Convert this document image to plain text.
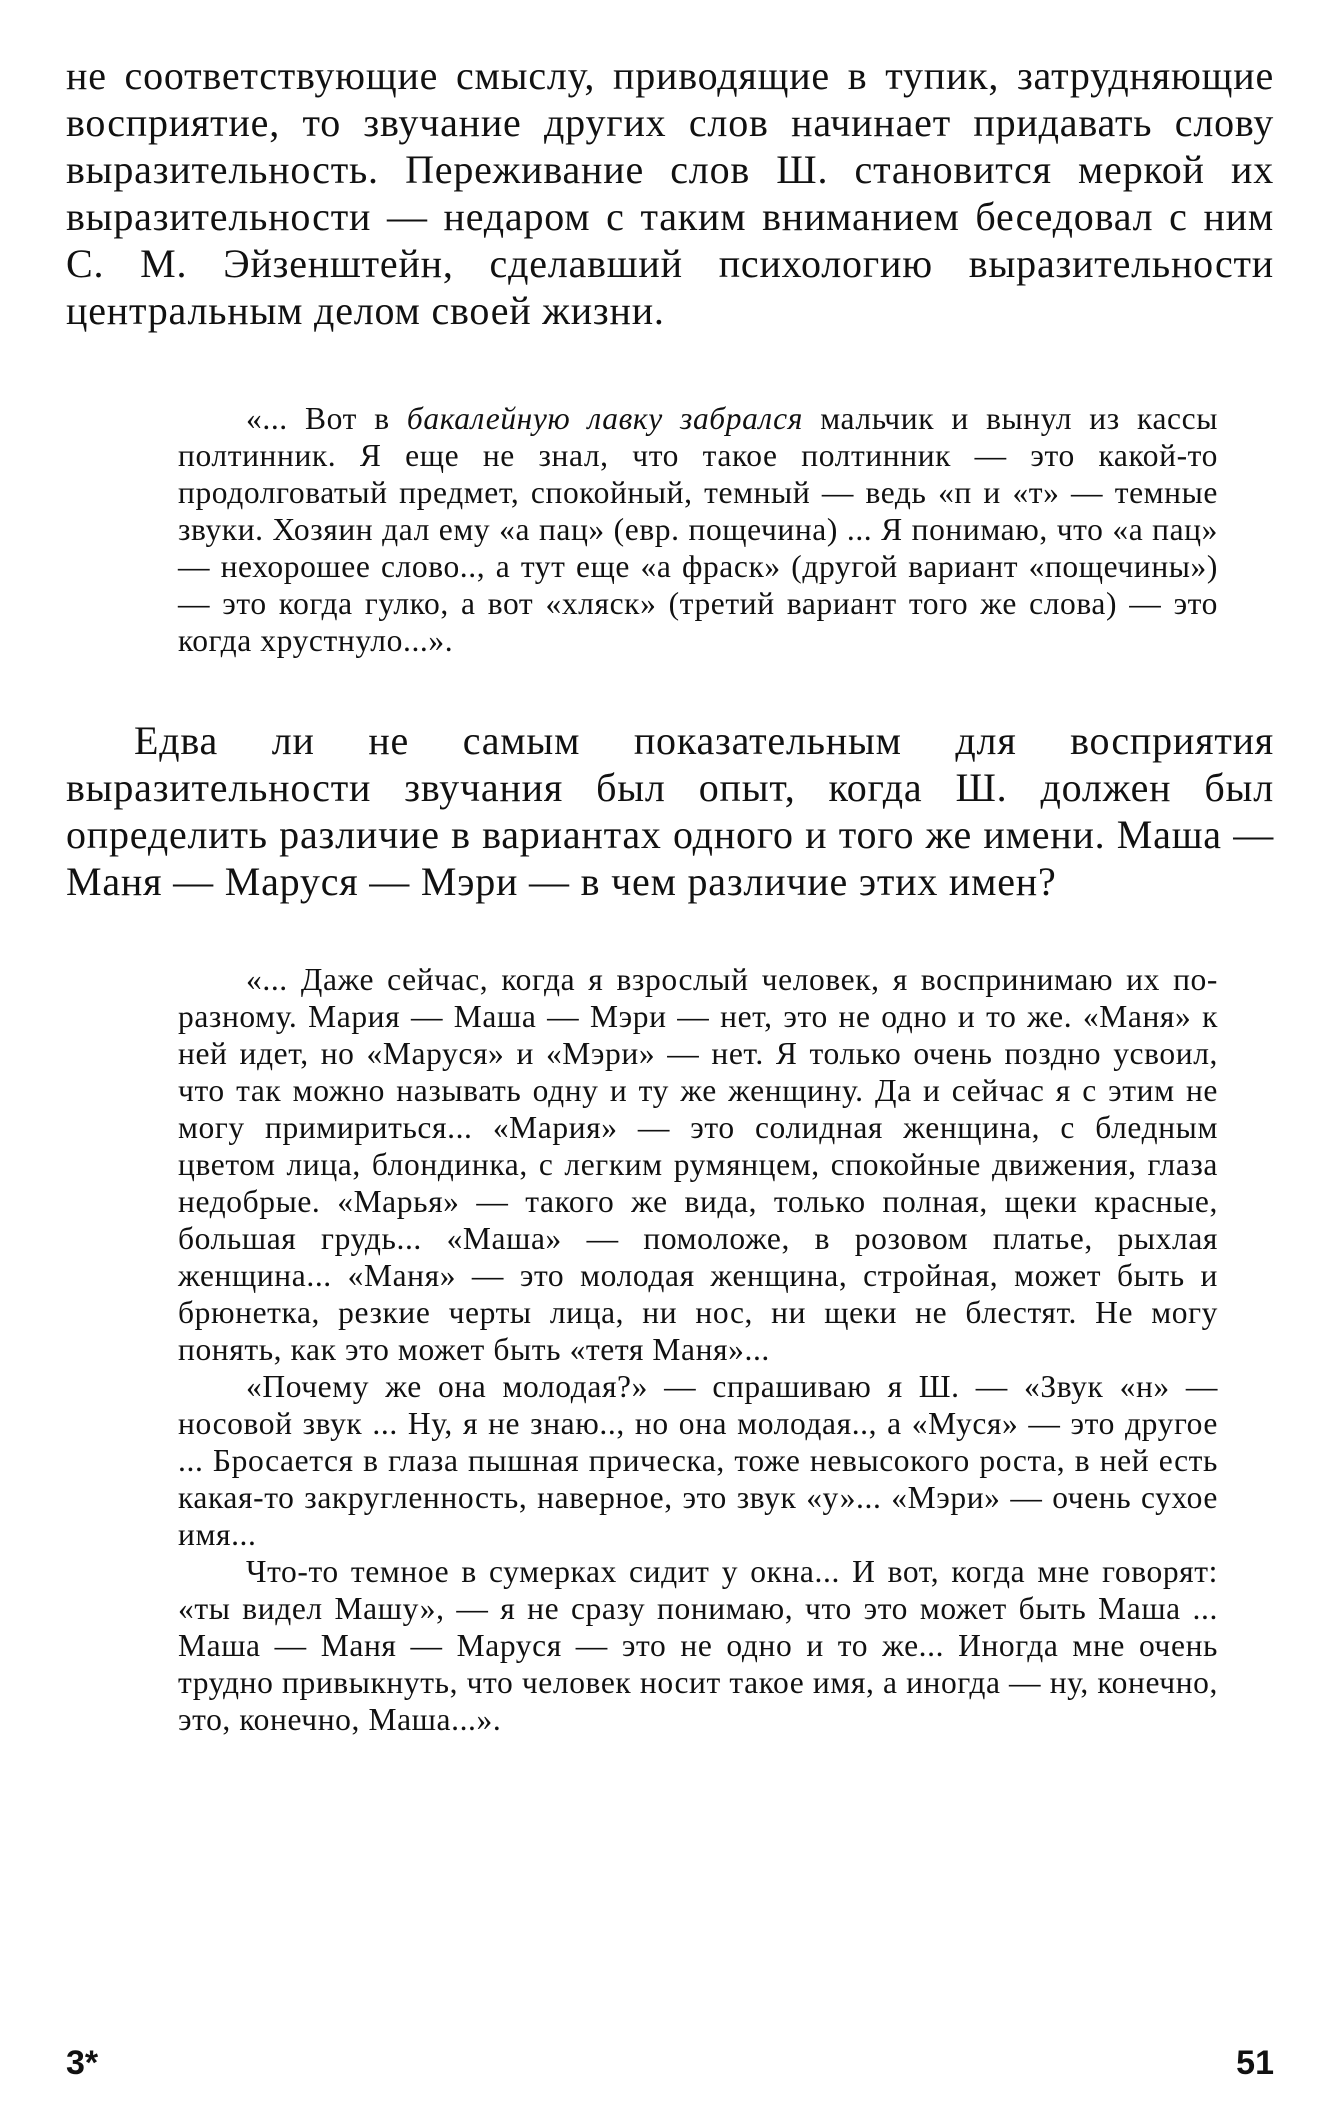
не соответствующие смыслу, приводящие в тупик, затрудняющие восприятие, то звучание других слов начинает придавать слову выразительность. Переживание слов Ш. становится меркой их выразительности — недаром с таким вниманием беседовал с ним С. М. Эйзенштейн, сделавший психологию выразительности центральным делом своей жизни.

«... Вот в бакалейную лавку забрался мальчик и вынул из кассы полтинник. Я еще не знал, что такое полтинник — это какой-то продолговатый предмет, спокойный, темный — ведь «п и «т» — темные звуки. Хозяин дал ему «а пац» (евр. пощечина) ... Я понимаю, что «а пац» — нехорошее слово.., а тут еще «а фраск» (другой вариант «пощечины») — это когда гулко, а вот «хляск» (третий вариант того же слова) — это когда хрустнуло...».

Едва ли не самым показательным для восприятия выразительности звучания был опыт, когда Ш. должен был определить различие в вариантах одного и того же имени. Маша — Маня — Маруся — Мэри — в чем различие этих имен?

«... Даже сейчас, когда я взрослый человек, я воспринимаю их по-разному. Мария — Маша — Мэри — нет, это не одно и то же. «Маня» к ней идет, но «Маруся» и «Мэри» — нет. Я только очень поздно усвоил, что так можно называть одну и ту же женщину. Да и сейчас я с этим не могу примириться... «Мария» — это солидная женщина, с бледным цветом лица, блондинка, с легким румянцем, спокойные движения, глаза недобрые. «Марья» — такого же вида, только полная, щеки красные, большая грудь... «Маша» — помоложе, в розовом платье, рыхлая женщина... «Маня» — это молодая женщина, стройная, может быть и брюнетка, резкие черты лица, ни нос, ни щеки не блестят. Не могу понять, как это может быть «тетя Маня»...

«Почему же она молодая?» — спрашиваю я Ш. — «Звук «н» — носовой звук ... Ну, я не знаю.., но она молодая.., а «Муся» — это другое ... Бросается в глаза пышная прическа, тоже невысокого роста, в ней есть какая-то закругленность, наверное, это звук «у»... «Мэри» — очень сухое имя...

Что-то темное в сумерках сидит у окна... И вот, когда мне говорят: «ты видел Машу», — я не сразу понимаю, что это может быть Маша ... Маша — Маня — Маруся — это не одно и то же... Иногда мне очень трудно привыкнуть, что человек носит такое имя, а иногда — ну, конечно, это, конечно, Маша...».

3*	51
